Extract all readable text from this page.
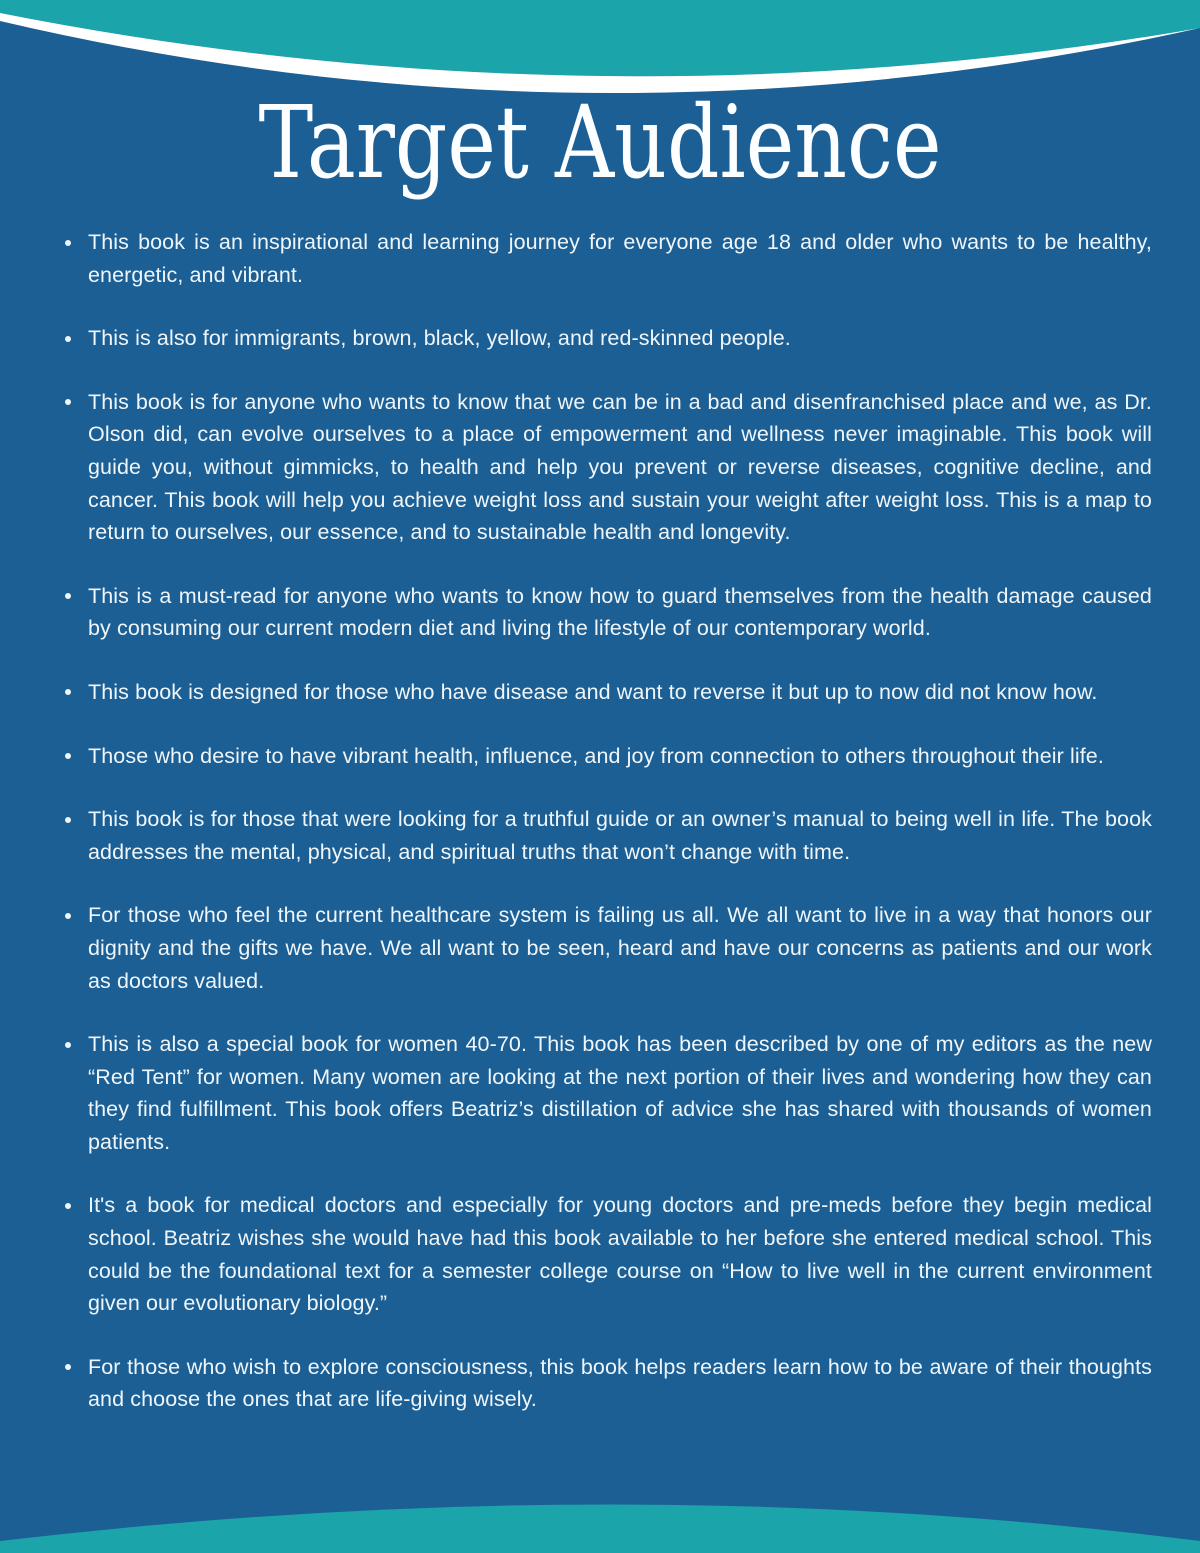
Target Audience
This book is an inspirational and learning journey for everyone age 18 and older who wants to be healthy, energetic, and vibrant.
This is also for immigrants, brown, black, yellow, and red-skinned people.
This book is for anyone who wants to know that we can be in a bad and disenfranchised place and we, as Dr. Olson did, can evolve ourselves to a place of empowerment and wellness never imaginable. This book will guide you, without gimmicks, to health and help you prevent or reverse diseases, cognitive decline, and cancer. This book will help you achieve weight loss and sustain your weight after weight loss. This is a map to return to ourselves, our essence, and to sustainable health and longevity.
This is a must-read for anyone who wants to know how to guard themselves from the health damage caused by consuming our current modern diet and living the lifestyle of our contemporary world.
This book is designed for those who have disease and want to reverse it but up to now did not know how.
Those who desire to have vibrant health, influence, and joy from connection to others throughout their life.
This book is for those that were looking for a truthful guide or an owner’s manual to being well in life. The book addresses the mental, physical, and spiritual truths that won’t change with time.
For those who feel the current healthcare system is failing us all. We all want to live in a way that honors our dignity and the gifts we have. We all want to be seen, heard and have our concerns as patients and our work as doctors valued.
This is also a special book for women 40-70. This book has been described by one of my editors as the new “Red Tent” for women. Many women are looking at the next portion of their lives and wondering how they can they find fulfillment. This book offers Beatriz’s distillation of advice she has shared with thousands of women patients.
It's a book for medical doctors and especially for young doctors and pre-meds before they begin medical school. Beatriz wishes she would have had this book available to her before she entered medical school. This could be the foundational text for a semester college course on “How to live well in the current environment given our evolutionary biology.”
For those who wish to explore consciousness, this book helps readers learn how to be aware of their thoughts and choose the ones that are life-giving wisely.
